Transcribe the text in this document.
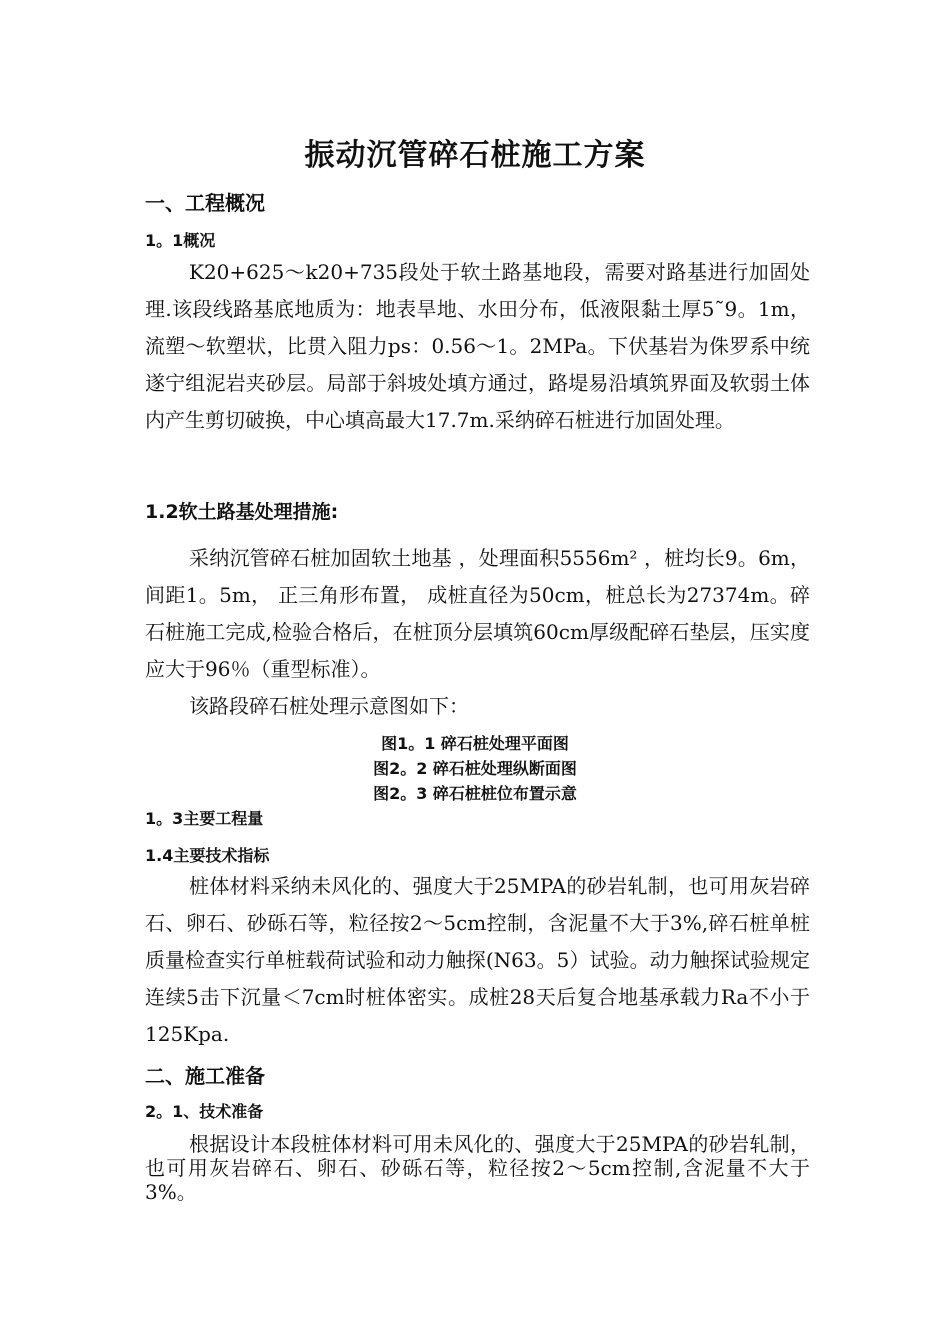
振动沉管碎石桩施工方案
一、工程概况
1。1概况

K20+625～k20+735段处于软土路基地段，需要对路基进行加固处理.该段线路基底地质为：地表旱地、水田分布，低液限黏土厚5˜9。1m，流塑～软塑状，比贯入阻力ps：0.56～1。2MPa。下伏基岩为侏罗系中统遂宁组泥岩夹砂层。局部于斜坡处填方通过，路堤易沿填筑界面及软弱土体内产生剪切破换，中心填高最大17.7m.采纳碎石桩进行加固处理。

1.2软土路基处理措施:

采纳沉管碎石桩加固软土地基 ，处理面积5556m² ，桩均长9。6m，间距1。5m， 正三角形布置， 成桩直径为50cm，桩总长为27374m。碎石桩施工完成,检验合格后，在桩顶分层填筑60cm厚级配碎石垫层，压实度应大于96％（重型标准）。

该路段碎石桩处理示意图如下：

图1。1 碎石桩处理平面图

图2。2 碎石桩处理纵断面图

图2。3 碎石桩桩位布置示意

1。3主要工程量
1.4主要技术指标

桩体材料采纳未风化的、强度大于25MPA的砂岩轧制，也可用灰岩碎石、卵石、砂砾石等，粒径按2～5cm控制，含泥量不大于3%,碎石桩单桩质量检查实行单桩载荷试验和动力触探(N63。5）试验。动力触探试验规定连续5击下沉量＜7cm时桩体密实。成桩28天后复合地基承载力Ra不小于125Kpa.

二、施工准备
2。1、技术准备

根据设计本段桩体材料可用未风化的、强度大于25MPA的砂岩轧制，也可用灰岩碎石、卵石、砂砾石等，粒径按2～5cm控制,含泥量不大于3%。
